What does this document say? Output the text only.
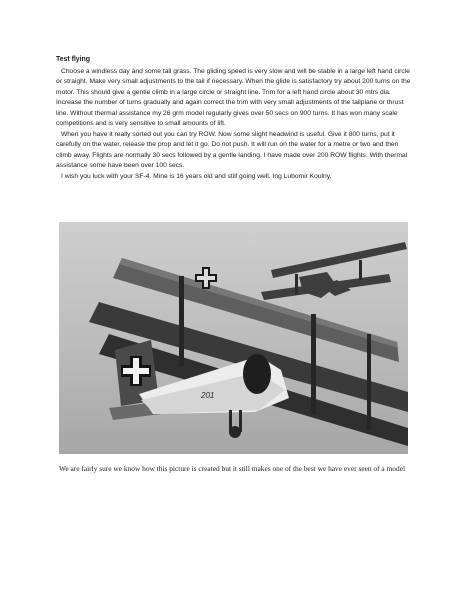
Test flying

Choose a windless day and some tall grass. The gliding speed is very slow and will be stable in a large left hand circle or straight. Make very small adjustments to the tail if necessary. When the glide is satisfactory try about 200 turns on the motor. This should give a gentle climb in a large circle or straight line. Trim for a left hand circle about 30 mtrs dia. Increase the number of turns gradually and again correct the trim with very small adjustments of the tailplane or thrust line. Without thermal assistance my 26 grm model regularly gives over 50 secs on 900 turns. It has won many scale competitions and is very sensitive to small amounts of lift.

When you have it really sorted out you can try ROW. Now some slight headwind is useful. Give it 800 turns, put it carefully on the water, release the prop and let it go. Do not push. It will run on the water for a metre or two and then climb away. Flights are normally 30 secs followed by a gentle landing. I have made over 200 ROW flights. With thermal assistance some have been over 100 secs.

I wish you luck with your SF-4. Mine is 16 years old and still going well. Ing Lubomir Koulny.

201

We are fairly sure we know how this picture is created but it still makes one of the best we have ever seen of a model
